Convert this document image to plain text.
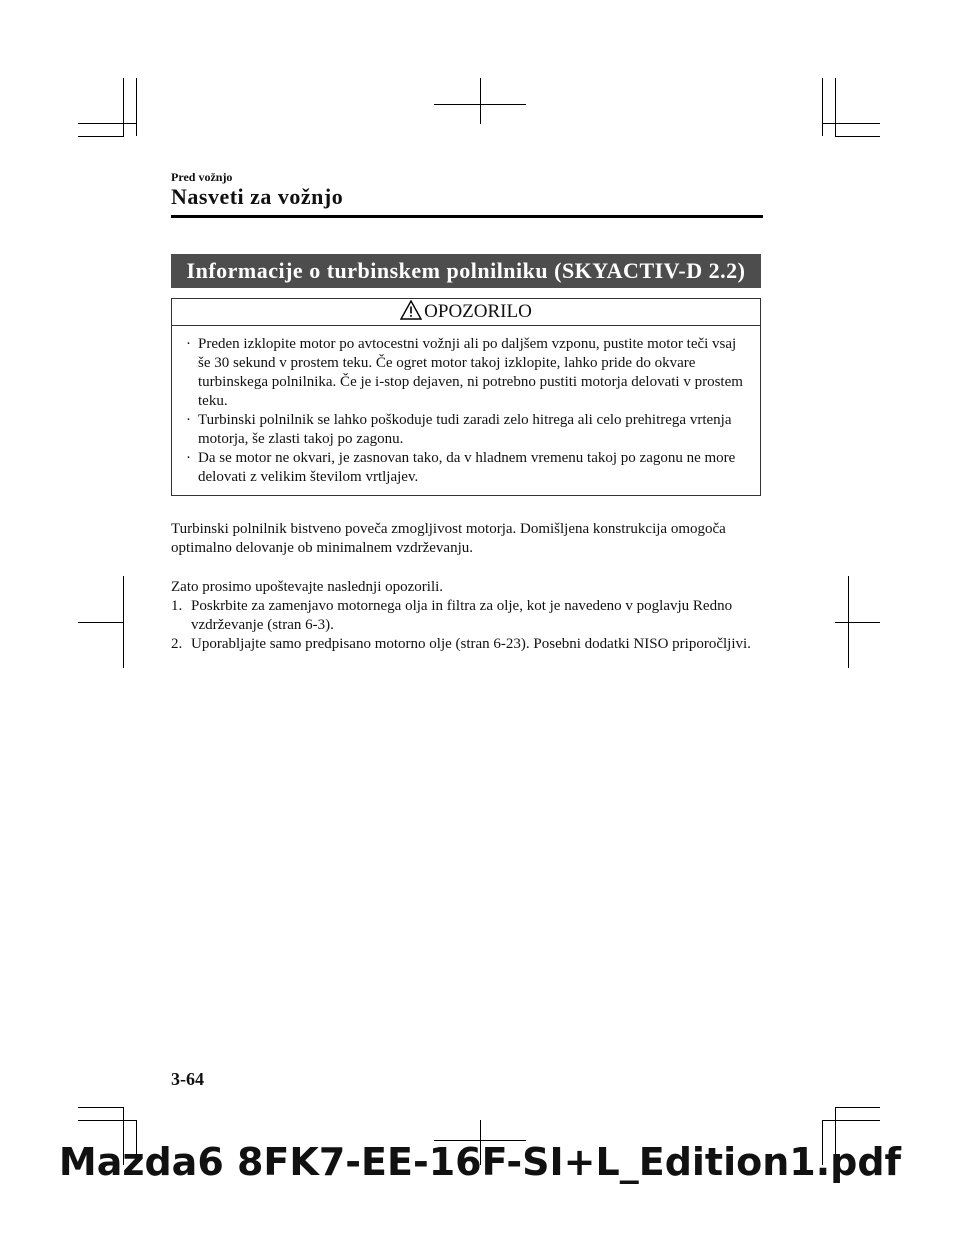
Pred vožnjo
Nasveti za vožnjo
Informacije o turbinskem polnilniku (SKYACTIV-D 2.2)
OPOZORILO
· Preden izklopite motor po avtocestni vožnji ali po daljšem vzponu, pustite motor teči vsaj še 30 sekund v prostem teku. Če ogret motor takoj izklopite, lahko pride do okvare turbinskega polnilnika. Če je i-stop dejaven, ni potrebno pustiti motorja delovati v prostem teku.
· Turbinski polnilnik se lahko poškoduje tudi zaradi zelo hitrega ali celo prehitrega vrtenja motorja, še zlasti takoj po zagonu.
· Da se motor ne okvari, je zasnovan tako, da v hladnem vremenu takoj po zagonu ne more delovati z velikim številom vrtljajev.
Turbinski polnilnik bistveno poveča zmogljivost motorja. Domišljena konstrukcija omogoča optimalno delovanje ob minimalnem vzdrževanju.
Zato prosimo upoštevajte naslednji opozorili.
1. Poskrbite za zamenjavo motornega olja in filtra za olje, kot je navedeno v poglavju Redno vzdrževanje (stran 6-3).
2. Uporabljajte samo predpisano motorno olje (stran 6-23). Posebni dodatki NISO priporočljivi.
3-64
Mazda6 8FK7-EE-16F-SI+L_Edition1.pdf
